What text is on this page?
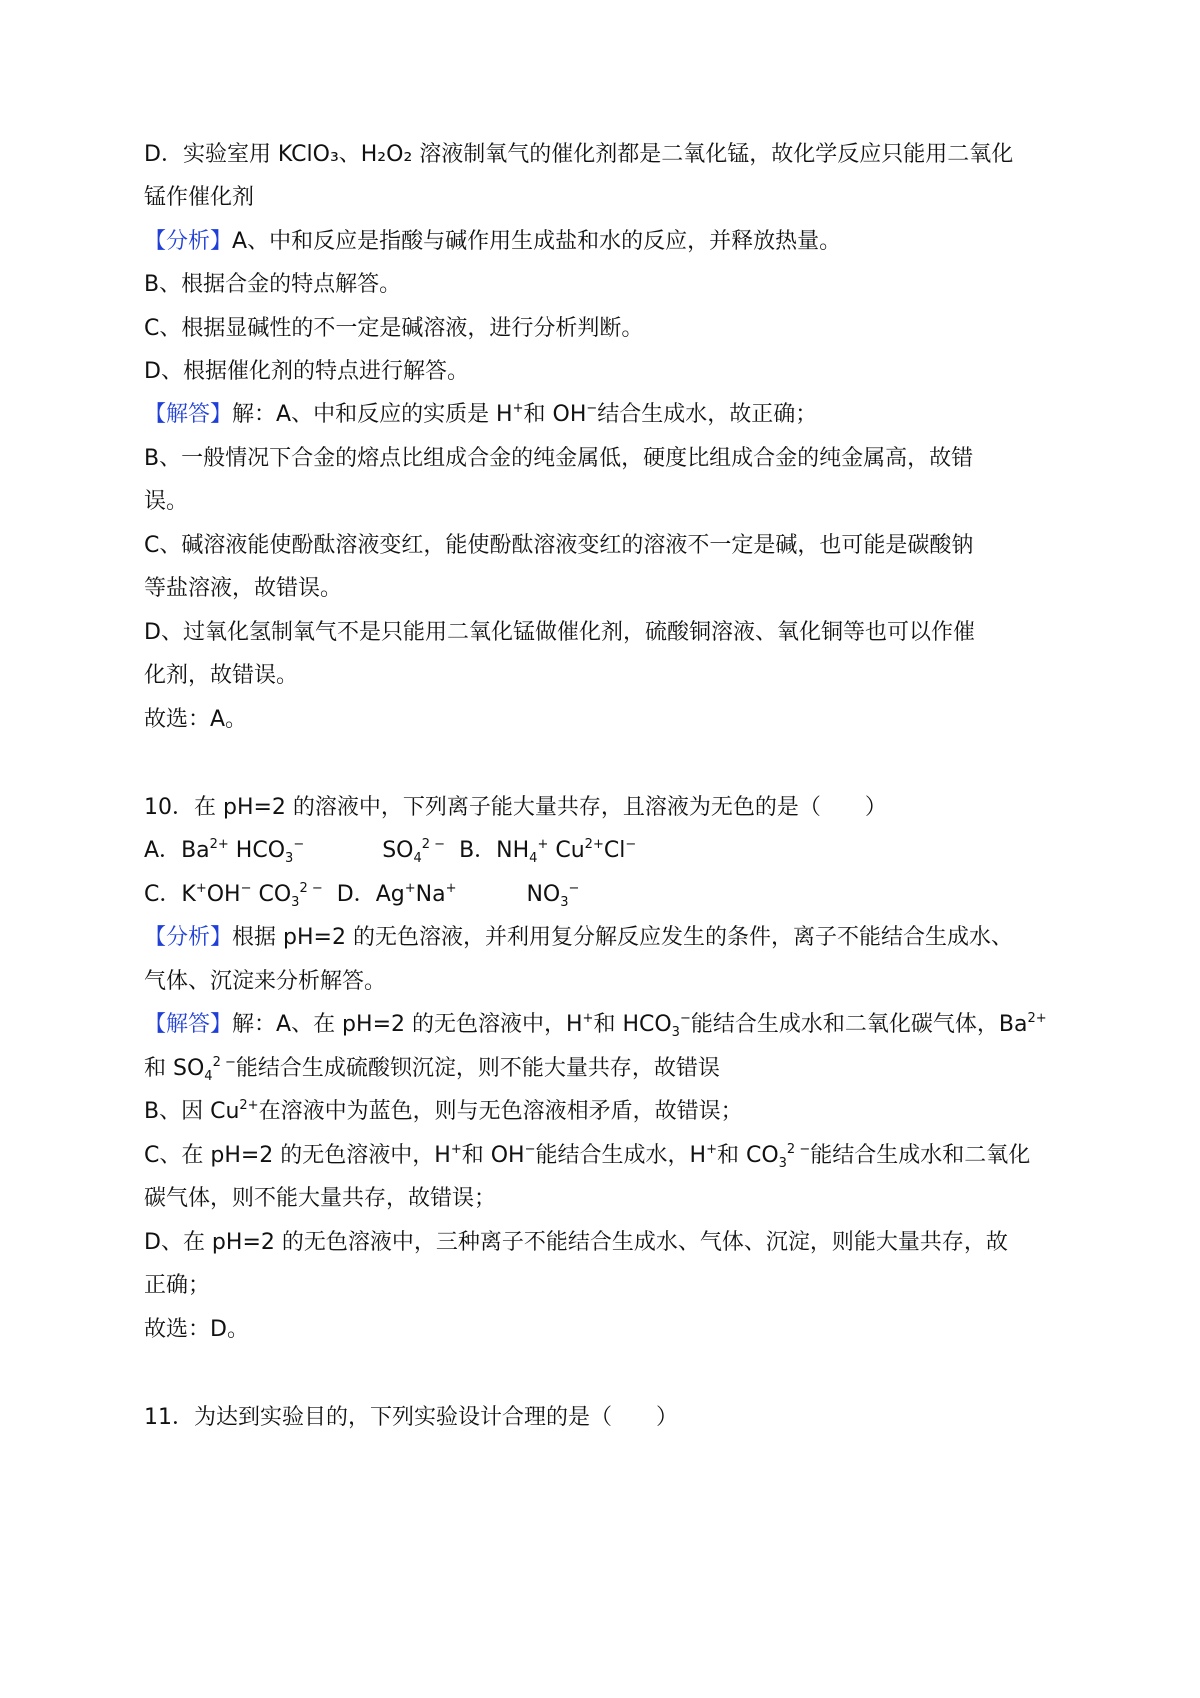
D．实验室用 KClO₃、H₂O₂ 溶液制氧气的催化剂都是二氧化锰，故化学反应只能用二氧化
锰作催化剂
【分析】A、中和反应是指酸与碱作用生成盐和水的反应，并释放热量。
B、根据合金的特点解答。
C、根据显碱性的不一定是碱溶液，进行分析判断。
D、根据催化剂的特点进行解答。
【解答】解：A、中和反应的实质是 H+和 OH−结合生成水，故正确；
B、一般情况下合金的熔点比组成合金的纯金属低，硬度比组成合金的纯金属高，故错
误。
C、碱溶液能使酚酞溶液变红，能使酚酞溶液变红的溶液不一定是碱，也可能是碳酸钠
等盐溶液，故错误。
D、过氧化氢制氧气不是只能用二氧化锰做催化剂，硫酸铜溶液、氧化铜等也可以作催
化剂，故错误。
故选：A。
10．在 pH=2 的溶液中，下列离子能大量共存，且溶液为无色的是（　　）
A．$Ba^{2+}$ $HCO_3^-$	$SO_4^{2 -}$ B．$NH_4^+$ $Cu^{2+}Cl^-$
C．K+OH− $CO_3^{2 -}$ D．Ag+Na+	$NO_3^-$
【分析】根据 pH=2 的无色溶液，并利用复分解反应发生的条件，离子不能结合生成水、
气体、沉淀来分析解答。
【解答】解：A、在 pH=2 的无色溶液中，H+和 $HCO_3^-$能结合生成水和二氧化碳气体，$Ba^{2+}$
和 $SO_4^{2 -}$能结合生成硫酸钡沉淀，则不能大量共存，故错误
B、因 $Cu^{2+}$在溶液中为蓝色，则与无色溶液相矛盾，故错误；
C、在 pH=2 的无色溶液中，H+和 OH−能结合生成水，H+和 $CO_3^{2 -}$能结合生成水和二氧化
碳气体，则不能大量共存，故错误；
D、在 pH=2 的无色溶液中，三种离子不能结合生成水、气体、沉淀，则能大量共存，故
正确；
故选：D。
11．为达到实验目的，下列实验设计合理的是（　　）
